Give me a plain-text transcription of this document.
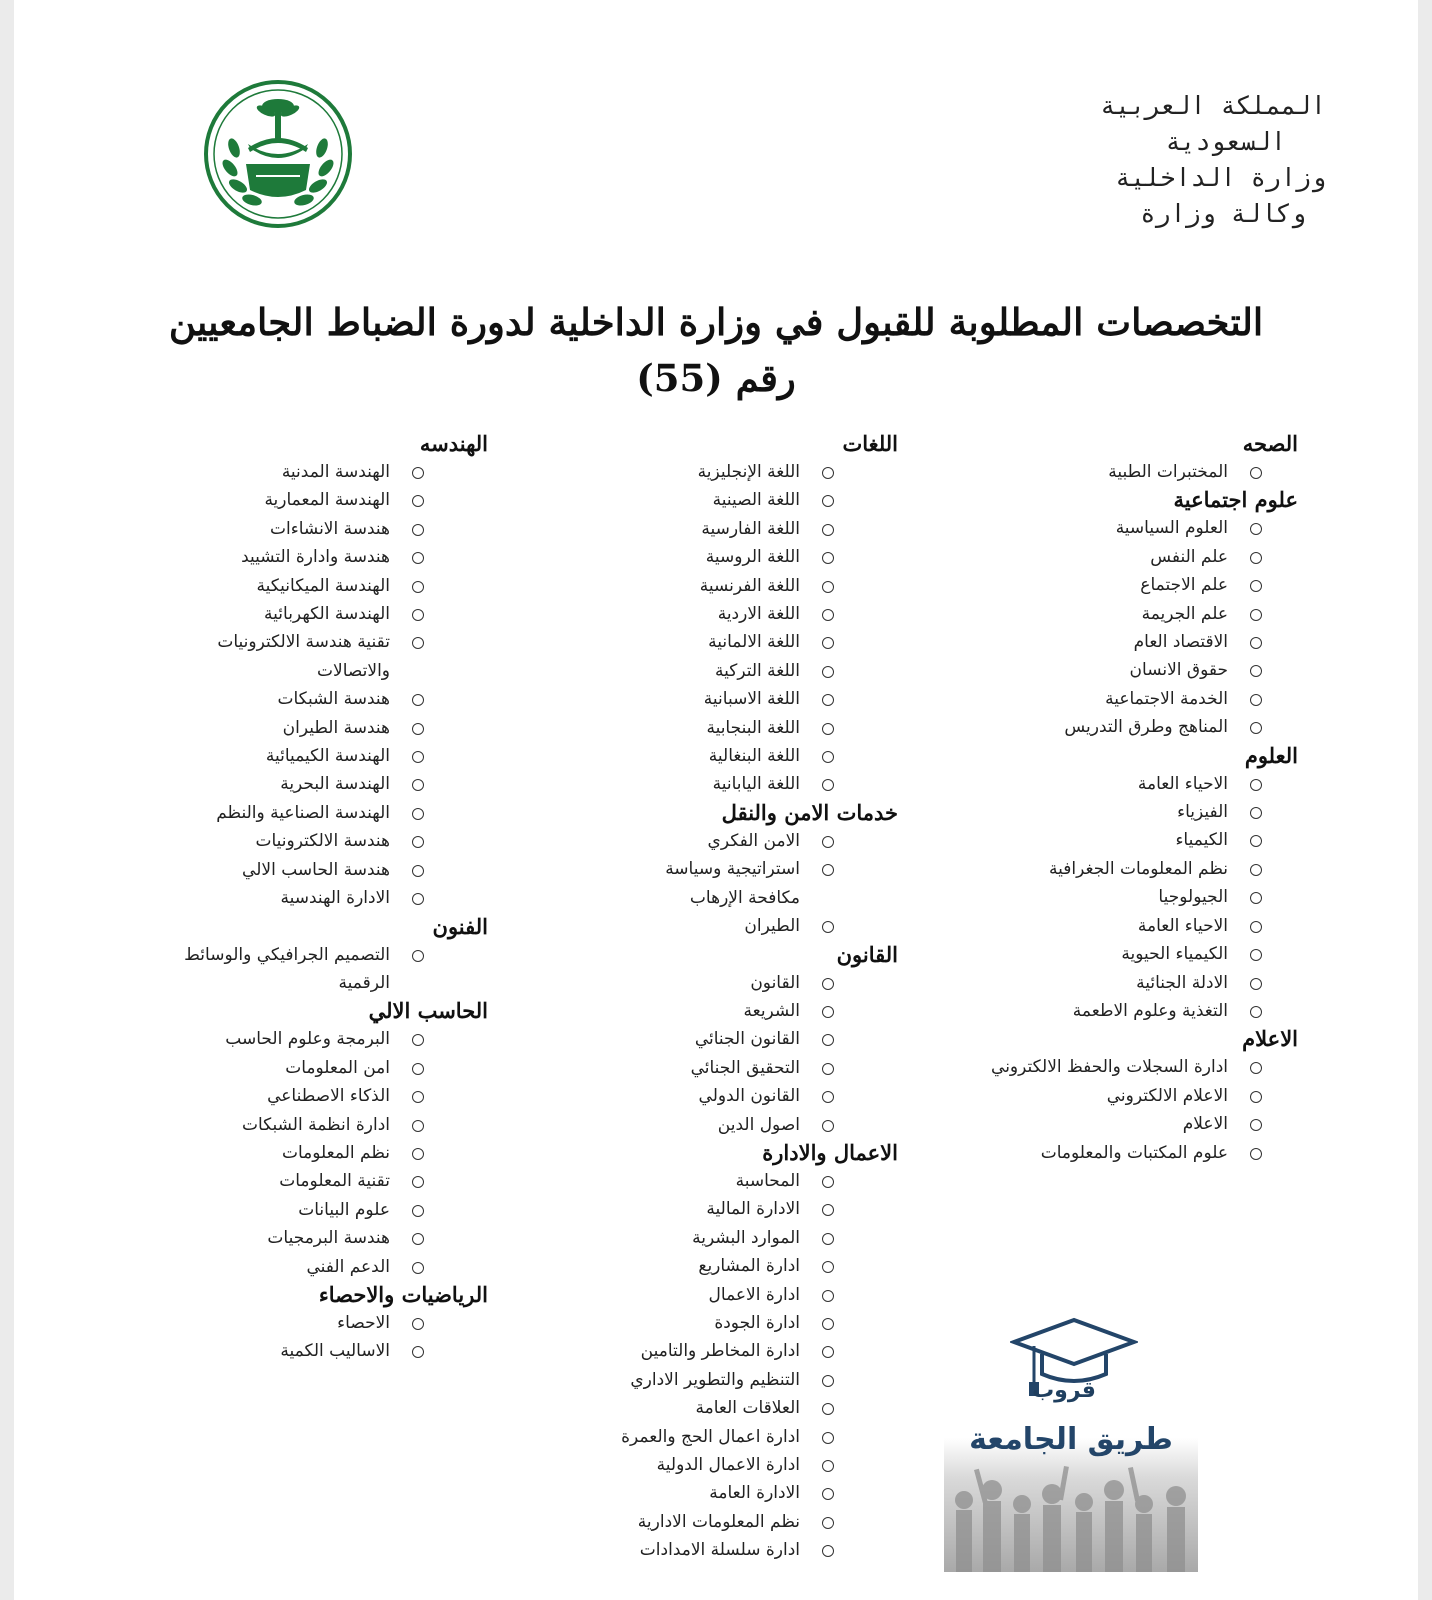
المملكة العربية
السعودية
وزارة الداخلية
وكالة وزارة
التخصصات المطلوبة للقبول في وزارة الداخلية لدورة الضباط الجامعيين
رقم (55)
الصحه
المختبرات الطبية
علوم اجتماعية
العلوم السياسية
علم النفس
علم الاجتماع
علم الجريمة
الاقتصاد العام
حقوق الانسان
الخدمة الاجتماعية
المناهج وطرق التدريس
العلوم
الاحياء العامة
الفيزياء
الكيمياء
نظم المعلومات الجغرافية
الجيولوجيا
الاحياء العامة
الكيمياء الحيوية
الادلة الجنائية
التغذية وعلوم الاطعمة
الاعلام
ادارة السجلات والحفظ الالكتروني
الاعلام الالكتروني
الاعلام
علوم المكتبات والمعلومات
اللغات
اللغة الإنجليزية
اللغة الصينية
اللغة الفارسية
اللغة الروسية
اللغة الفرنسية
اللغة الاردية
اللغة الالمانية
اللغة التركية
اللغة الاسبانية
اللغة البنجابية
اللغة البنغالية
اللغة اليابانية
خدمات الامن والنقل
الامن الفكري
استراتيجية وسياسة
مكافحة الإرهاب
الطيران
القانون
القانون
الشريعة
القانون الجنائي
التحقيق الجنائي
القانون الدولي
اصول الدين
الاعمال والادارة
المحاسبة
الادارة المالية
الموارد البشرية
ادارة المشاريع
ادارة الاعمال
ادارة الجودة
ادارة المخاطر والتامين
التنظيم والتطوير الاداري
العلاقات العامة
ادارة اعمال الحج والعمرة
ادارة الاعمال الدولية
الادارة العامة
نظم المعلومات الادارية
ادارة سلسلة الامدادات
الهندسه
الهندسة المدنية
الهندسة المعمارية
هندسة الانشاءات
هندسة وادارة التشييد
الهندسة الميكانيكية
الهندسة الكهربائية
تقنية هندسة الالكترونيات
والاتصالات
هندسة الشبكات
هندسة الطيران
الهندسة الكيميائية
الهندسة البحرية
الهندسة الصناعية والنظم
هندسة الالكترونيات
هندسة الحاسب الالي
الادارة الهندسية
الفنون
التصميم الجرافيكي والوسائط
الرقمية
الحاسب الالي
البرمجة وعلوم الحاسب
امن المعلومات
الذكاء الاصطناعي
ادارة انظمة الشبكات
نظم المعلومات
تقنية المعلومات
علوم البيانات
هندسة البرمجيات
الدعم الفني
الرياضيات والاحصاء
الاحصاء
الاساليب الكمية
قروب
طريق الجامعة
